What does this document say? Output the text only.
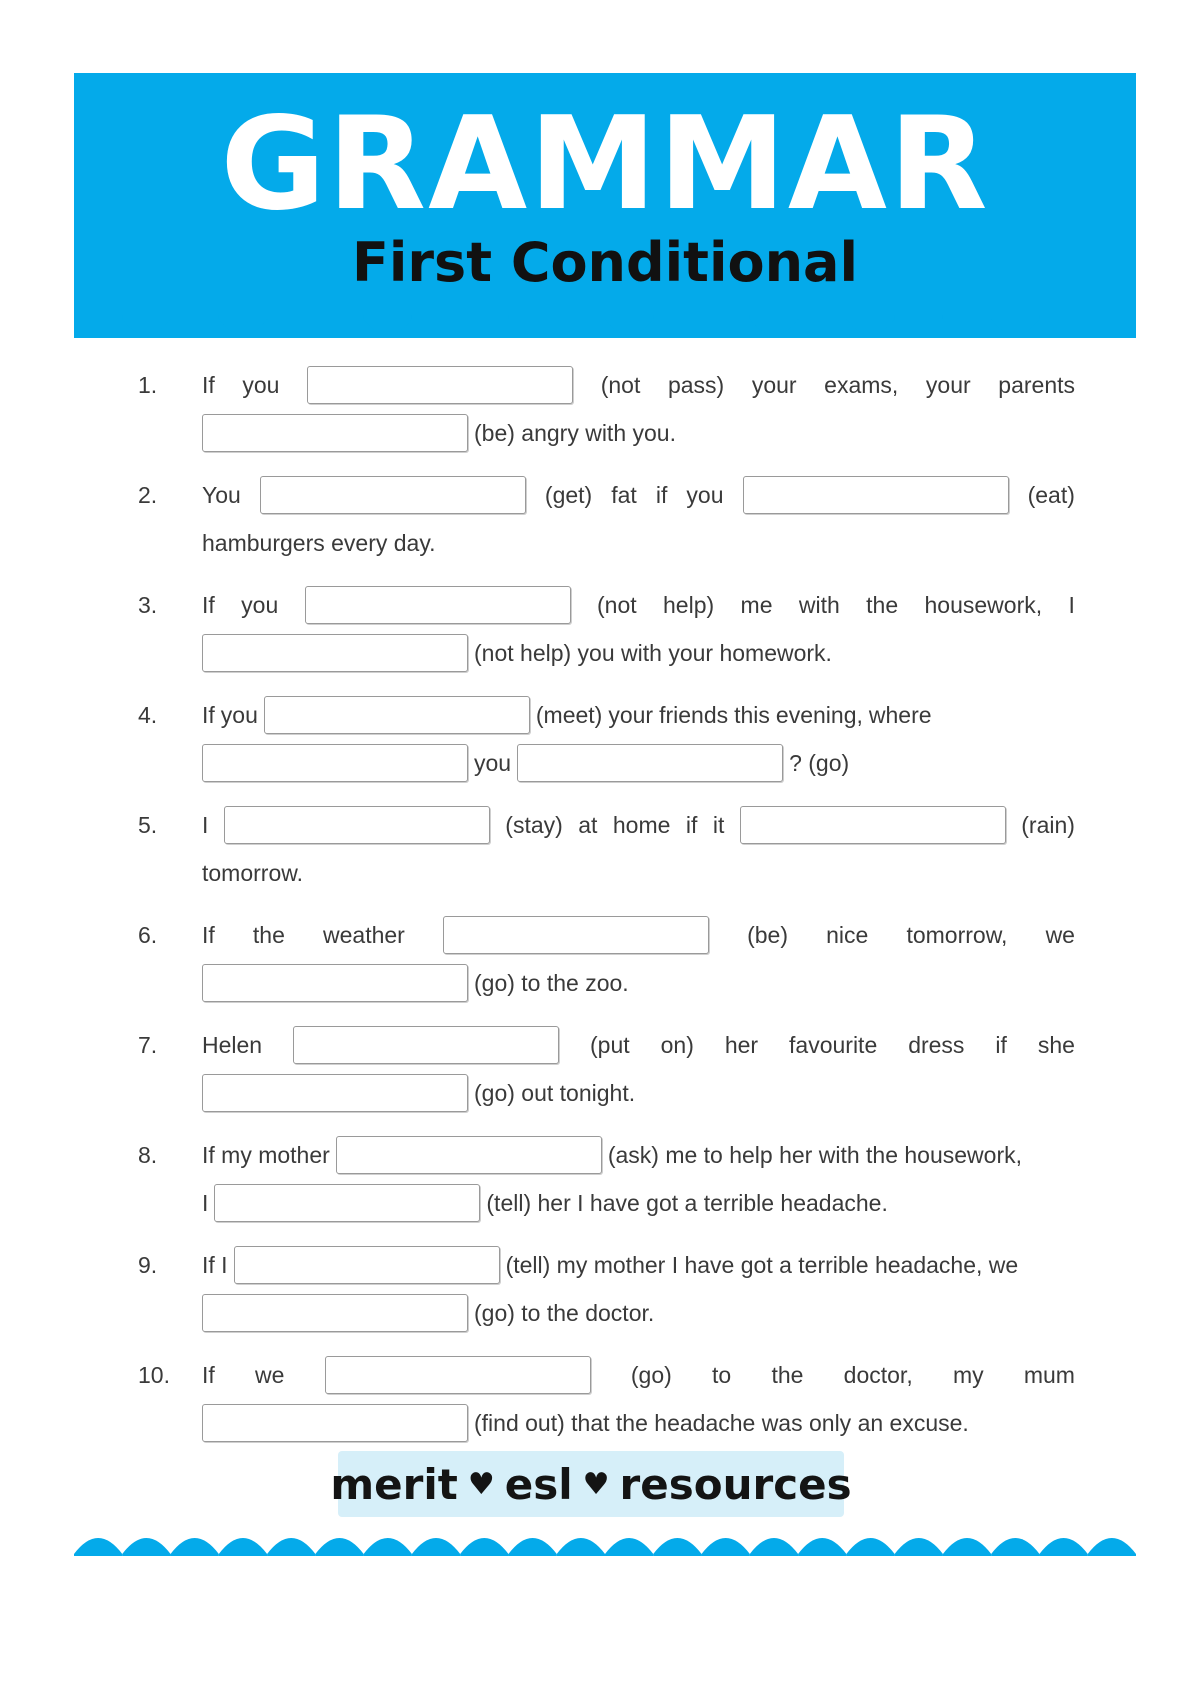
GRAMMAR
First Conditional
1.	If you	(not pass) your exams, your parents
(be) angry with you.
2.	You	(get) fat if you	(eat)
hamburgers every day.
3.	If you	(not help) me with the housework, I
(not help) you with your homework.
4.	If you	(meet) your friends this evening, where
you	? (go)
5.	I	(stay) at home if it	(rain)
tomorrow.
6.	If the weather	(be) nice tomorrow, we
(go) to the zoo.
7.	Helen	(put on) her favourite dress if she
(go) out tonight.
8.	If my mother	(ask) me to help her with the housework,
I	(tell) her I have got a terrible headache.
9.	If I	(tell) my mother I have got a terrible headache, we
(go) to the doctor.
10.	If we	(go) to the doctor, my mum
(find out) that the headache was only an excuse.
merit ♥ esl ♥ resources
